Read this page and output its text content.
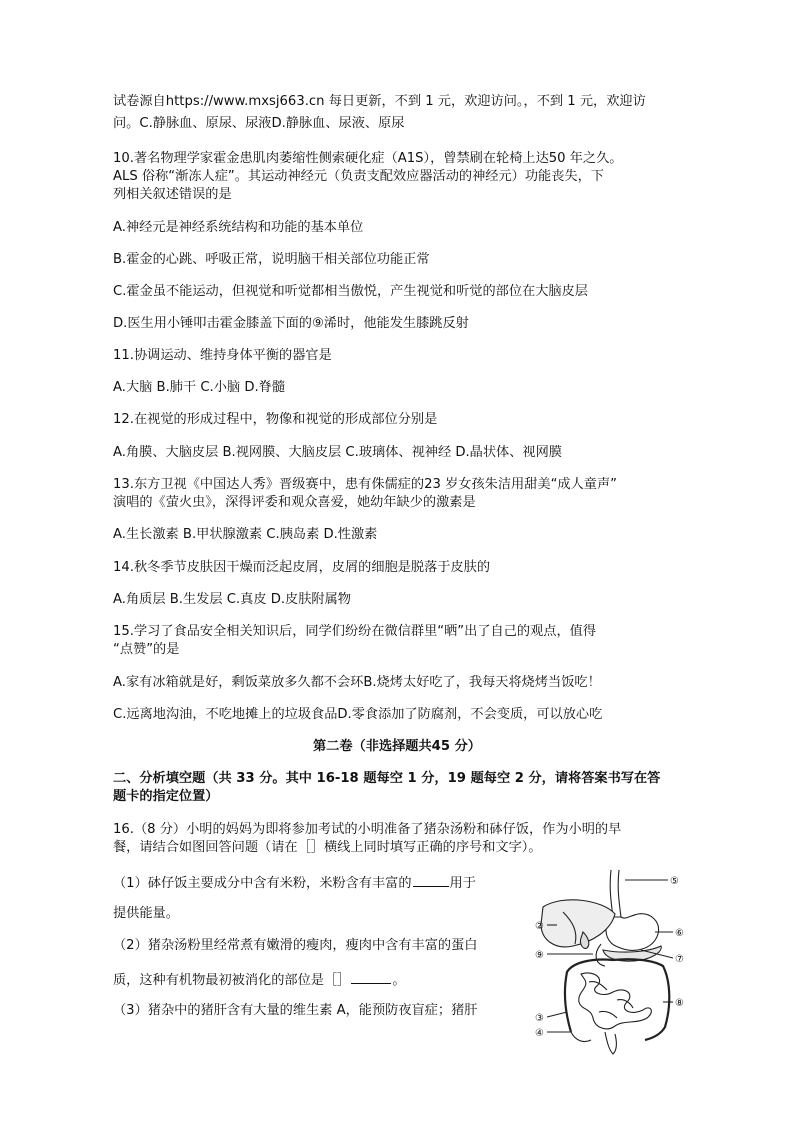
试卷源自https://www.mxsj663.cn 每日更新，不到 1 元，欢迎访问。，不到 1 元，欢迎访
问。C.静脉血、原尿、尿液D.静脉血、尿液、原尿
10.著名物理学家霍金患肌肉萎缩性侧索硬化症（A1S），曾禁刷在轮椅上达50 年之久。
ALS 俗称“渐冻人症”。其运动神经元（负责支配效应器活动的神经元）功能丧失，下
列相关叙述错误的是
A.神经元是神经系统结构和功能的基本单位
B.霍金的心跳、呼吸正常，说明脑干相关部位功能正常
C.霍金虽不能运动，但视觉和听觉都相当傲悦，产生视觉和听觉的部位在大脑皮层
D.医生用小锤叩击霍金膝盖下面的⑨浠时，他能发生膝跳反射
11.协调运动、维持身体平衡的器官是
A.大脑 B.肺干 C.小脑 D.脊髓
12.在视觉的形成过程中，物像和视觉的形成部位分别是
A.角膜、大脑皮层 B.视网膜、大脑皮层 C.玻璃体、视神经 D.晶状体、视网膜
13.东方卫视《中国达人秀》晋级赛中，患有侏儒症的23 岁女孩朱洁用甜美“成人童声”
演唱的《萤火虫》，深得评委和观众喜爱，她幼年缺少的激素是
A.生长激素 B.甲状腺激素 C.胰岛素 D.性激素
14.秋冬季节皮肤因干燥而泛起皮屑，皮屑的细胞是脱落于皮肤的
A.角质层 B.生发层 C.真皮 D.皮肤附属物
15.学习了食品安全相关知识后，同学们纷纷在微信群里“晒”出了自己的观点，值得
“点赞”的是
A.家有冰箱就是好，剩饭菜放多久都不会环B.烧烤太好吃了，我每天将烧烤当饭吃！
C.远离地沟油，不吃地摊上的垃圾食品D.零食添加了防腐剂，不会变质，可以放心吃
第二卷（非选择题共45 分）
二、分析填空题（共 33 分。其中 16-18 题每空 1 分，19 题每空 2 分，请将答案书写在答
题卡的指定位置）
16.（8 分）小明的妈妈为即将参加考试的小明准备了猪杂汤粉和砵仔饭，作为小明的早
餐，请结合如图回答问题（请在［］横线上同时填写正确的序号和文字）。
（1）砵仔饭主要成分中含有米粉，米粉含有丰富的	用于
提供能量。
（2）猪杂汤粉里经常煮有嫩滑的瘦肉，瘦肉中含有丰富的蛋白
质，这种有机物最初被消化的部位是［］	。
（3）猪杂中的猪肝含有大量的维生素 A，能预防夜盲症；猪肝
⑤
⑥
⑦
⑧
②
⑨
③
④
